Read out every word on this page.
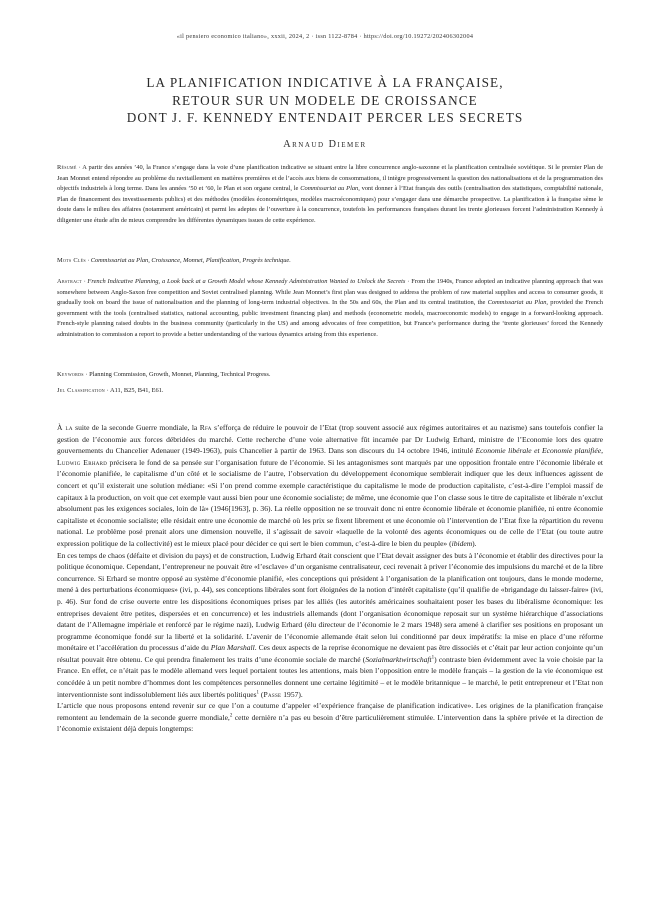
«il pensiero economico italiano», xxxii, 2024, 2 · issn 1122-8784 · https://doi.org/10.19272/202406302004
LA PLANIFICATION INDICATIVE À LA FRANÇAISE,
RETOUR SUR UN MODELE DE CROISSANCE
DONT J. F. KENNEDY ENTENDAIT PERCER LES SECRETS
Arnaud Diemer
Résumé · A partir des années ’40, la France s’engage dans la voie d’une planification indicative se situant entre la libre concurrence anglo-saxonne et la planification centralisée soviétique. Si le premier Plan de Jean Monnet entend répondre au problème du ravitaillement en matières premières et de l’accès aux biens de consommations, il intègre progressivement la question des nationalisations et de la programmation des objectifs industriels à long terme. Dans les années ’50 et ’60, le Plan et son organe central, le Commissariat au Plan, vont donner à l’Etat français des outils (centralisation des statistiques, comptabilité nationale, Plan de financement des investissements publics) et des méthodes (modèles économétriques, modèles macroéconomiques) pour s’engager dans une démarche prospective. La planification à la française sème le doute dans le milieu des affaires (notamment américain) et parmi les adeptes de l’ouverture à la concurrence, toutefois les performances françaises durant les trente glorieuses forcent l’administration Kennedy à diligenter une étude afin de mieux comprendre les différentes dynamiques issues de cette expérience.
Mots Clés · Commissariat au Plan, Croissance, Monnet, Planification, Progrès technique.
Abstract · French Indicative Planning, a Look back at a Growth Model whose Kennedy Administration Wanted to Unlock the Secrets · From the 1940s, France adopted an indicative planning approach that was somewhere between Anglo-Saxon free competition and Soviet centralised planning. While Jean Monnet’s first plan was designed to address the problem of raw material supplies and access to consumer goods, it gradually took on board the issue of nationalisation and the planning of long-term industrial objectives. In the 50s and 60s, the Plan and its central institution, the Commissariat au Plan, provided the French government with the tools (centralised statistics, national accounting, public investment financing plan) and methods (econometric models, macroeconomic models) to engage in a forward-looking approach. French-style planning raised doubts in the business community (particularly in the US) and among advocates of free competition, but France’s performance during the ‘trente glorieuses’ forced the Kennedy administration to commission a report to provide a better understanding of the various dynamics arising from this experience.
Keywords · Planning Commission, Growth, Monnet, Planning, Technical Progress.
Jel Classification · A11, B25, B41, E61.

À la suite de la seconde Guerre mondiale, la Rfa s’efforça de réduire le pouvoir de l’Etat (trop souvent associé aux régimes autoritaires et au nazisme) sans toutefois confier la gestion de l’économie aux forces débridées du marché. Cette recherche d’une voie alternative fût incarnée par Dr Ludwig Erhard, ministre de l’Economie lors des quatre gouvernements du Chancelier Adenauer (1949-1963), puis Chancelier à partir de 1963. Dans son discours du 14 octobre 1946, intitulé Economie libérale et Economie planifiée, Ludwig Erhard précisera le fond de sa pensée sur l’organisation future de l’économie. Si les antagonismes sont marqués par une opposition frontale entre l’économie libérale et l’économie planifiée, le capitalisme d’un côté et le socialisme de l’autre, l’observation du développement économique semblerait indiquer que les deux influences agissent de concert et qu’il existerait une solution médiane: «Si l’on prend comme exemple caractéristique du capitalisme le mode de production capitaliste, c’est-à-dire l’emploi massif de capitaux à la production, on voit que cet exemple vaut aussi bien pour une économie socialiste; de même, une économie que l’on classe sous le titre de capitaliste et libérale n’exclut absolument pas les exigences sociales, loin de là» (1946[1963], p. 36). La réelle opposition ne se trouvait donc ni entre économie libérale et économie planifiée, ni entre économie capitaliste et économie socialiste; elle résidait entre une économie de marché où les prix se fixent librement et une économie où l’intervention de l’Etat fixe la répartition du revenu national. Le problème posé prenait alors une dimension nouvelle, il s’agissait de savoir «laquelle de la volonté des agents économiques ou de celle de l’Etat (ou toute autre expression politique de la collectivité) est le mieux placé pour décider ce qui sert le bien commun, c’est-à-dire le bien du peuple» (ibidem).

En ces temps de chaos (défaite et division du pays) et de construction, Ludwig Erhard était conscient que l’Etat devait assigner des buts à l’économie et établir des directives pour la politique économique. Cependant, l’entrepreneur ne pouvait être «l’esclave» d’un organisme centralisateur, ceci revenait à priver l’économie des impulsions du marché et de la libre concurrence. Si Erhard se montre opposé au système d’économie planifié, «les conceptions qui président à l’organisation de la planification ont toujours, dans le monde moderne, mené à des perturbations économiques» (ivi, p. 44), ses conceptions libérales sont fort éloignées de la notion d’intérêt capitaliste (qu’il qualifie de «brigandage du laisser-faire» (ivi, p. 46). Sur fond de crise ouverte entre les dispositions économiques prises par les alliés (les autorités américaines souhaitaient poser les bases du libéralisme économique: les entreprises devaient être petites, dispersées et en concurrence) et les industriels allemands (dont l’organisation économique reposait sur un système hiérarchique d’associations datant de l’Allemagne impériale et renforcé par le régime nazi), Ludwig Erhard (élu directeur de l’économie le 2 mars 1948) sera amené à clarifier ses positions en proposant un programme économique fondé sur la liberté et la solidarité. L’avenir de l’économie allemande était selon lui conditionné par deux impératifs: la mise en place d’une réforme monétaire et l’accélération du processus d’aide du Plan Marshall. Ces deux aspects de la reprise économique ne devaient pas être dissociés et c’était par leur action conjointe qu’un résultat pouvait être obtenu. Ce qui prendra finalement les traits d’une économie sociale de marché (Sozialmarktwirtschaft$^1$) contraste bien évidemment avec la voie choisie par la France. En effet, ce n’était pas le modèle allemand vers lequel portaient toutes les attentions, mais bien l’opposition entre le modèle français – la gestion de la vie économique est concédée à un petit nombre d’hommes dont les compétences personnelles donnent une certaine légitimité – et le modèle britannique – le marché, le petit entrepreneur et l’Etat non interventionniste sont indissolublement liés aux libertés politiques$^1$ (Passe 1957).

L’article que nous proposons entend revenir sur ce que l’on a coutume d’appeler «l’expérience française de planification indicative». Les origines de la planification française remontent au lendemain de la seconde guerre mondiale,$^2$ cette dernière n’a pas eu besoin d’être particulièrement stimulée. L’intervention dans la sphère privée et la direction de l’économie existaient déjà depuis longtemps:
